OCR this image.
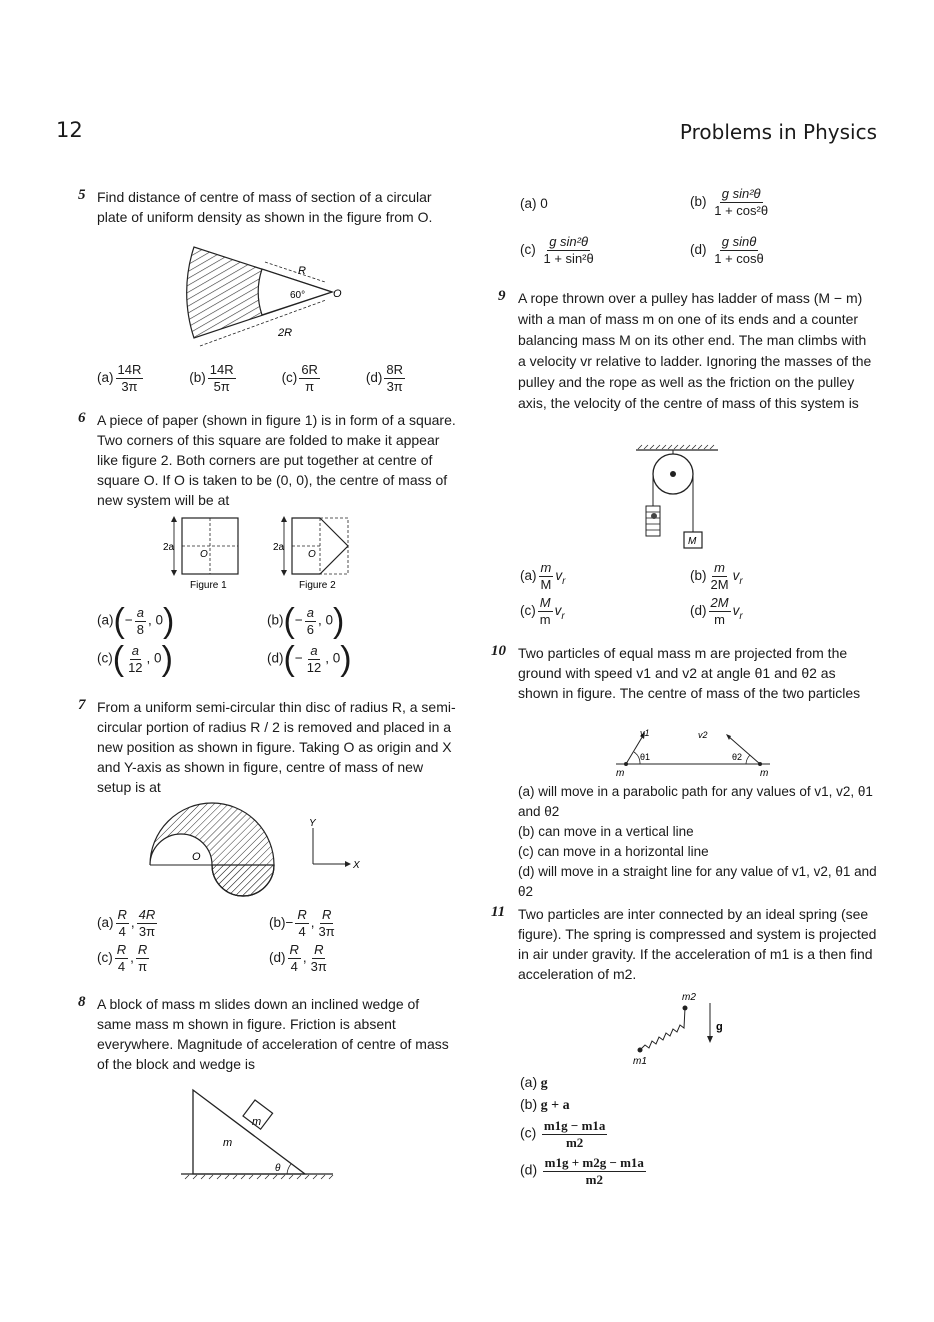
12	Problems in Physics
5 Find distance of centre of mass of section of a circular plate of uniform density as shown in the figure from O.
R
2R
60°	O
$(a) \frac{14R}{3\pi}$	$(b) \frac{14R}{5\pi}$	$(c) \frac{6R}{\pi}$	$(d) \frac{8R}{3\pi}$
6 A piece of paper (shown in figure 1) is in form of a square. Two corners of this square are folded to make it appear like figure 2. Both corners are put together at centre of square O. If O is taken to be (0, 0), the centre of mass of new system will be at
2a
O
Figure 1
2a
O
Figure 2
$(a)(- \frac{a}{8}$ , 0)	$(b)(- \frac{a}{6}$ , 0)
$(c)( \frac{a}{12}$ , 0)	$(d)(- \frac{a}{12}$ , 0)
7 From a uniform semi-circular thin disc of radius R, a semi-circular portion of radius R / 2 is removed and placed in a new position as shown in figure. Taking O as origin and X and Y-axis as shown in figure, centre of mass of new setup is at
O
Y
X
$(a) \frac{R}{4}$ , $\frac{4R}{3\pi}$	$(b)- \frac{R}{4}$ , $\frac{R}{3\pi}$
$(c) \frac{R}{4}$ , $\frac{R}{\pi}$	$(d) \frac{R}{4}$ , $\frac{R}{3\pi}$
8 A block of mass m slides down an inclined wedge of same mass m shown in figure. Friction is absent everywhere. Magnitude of acceleration of centre of mass of the block and wedge is
m
m
θ
(a) 0	$(b) \frac{\text{g sin²θ}}{\text{1 + cos²θ}}$
$(c) \frac{\text{g sin²θ}}{\text{1 + sin²θ}}$	$(d) \frac{\text{g sinθ}}{1 + \cos\theta}$
9 A rope thrown over a pulley has ladder of mass (M − m) with a man of mass m on one of its ends and a counter balancing mass M on its other end. The man climbs with a velocity vr relative to ladder. Ignoring the masses of the pulley and the rope as well as the friction on the pulley axis, the velocity of the centre of mass of this system is
M
$(a) \frac{m}{M} v_r$	$(b) \frac{m}{2M} v_r$
$(c) \frac{M}{m} v_r$	$(d) \frac{2M}{m} v_r$
10 Two particles of equal mass m are projected from the ground with speed v1 and v2 at angle θ1 and θ2 as shown in figure. The centre of mass of the two particles
v1	v2
θ1	θ2
m	m
(a) will move in a parabolic path for any values of v1, v2, θ1 and θ2
(b) can move in a vertical line
(c) can move in a horizontal line
(d) will move in a straight line for any value of v1, v2, θ1 and θ2
11 Two particles are inter connected by an ideal spring (see figure). The spring is compressed and system is projected in air under gravity. If the acceleration of m1 is a then find acceleration of m2.
g
m2
m1
(a) g
(b) g + a
$(c) \frac{m1g - m1a}{m2}$
$(d) \frac{m1g + m2g - m1a}{m2}$
